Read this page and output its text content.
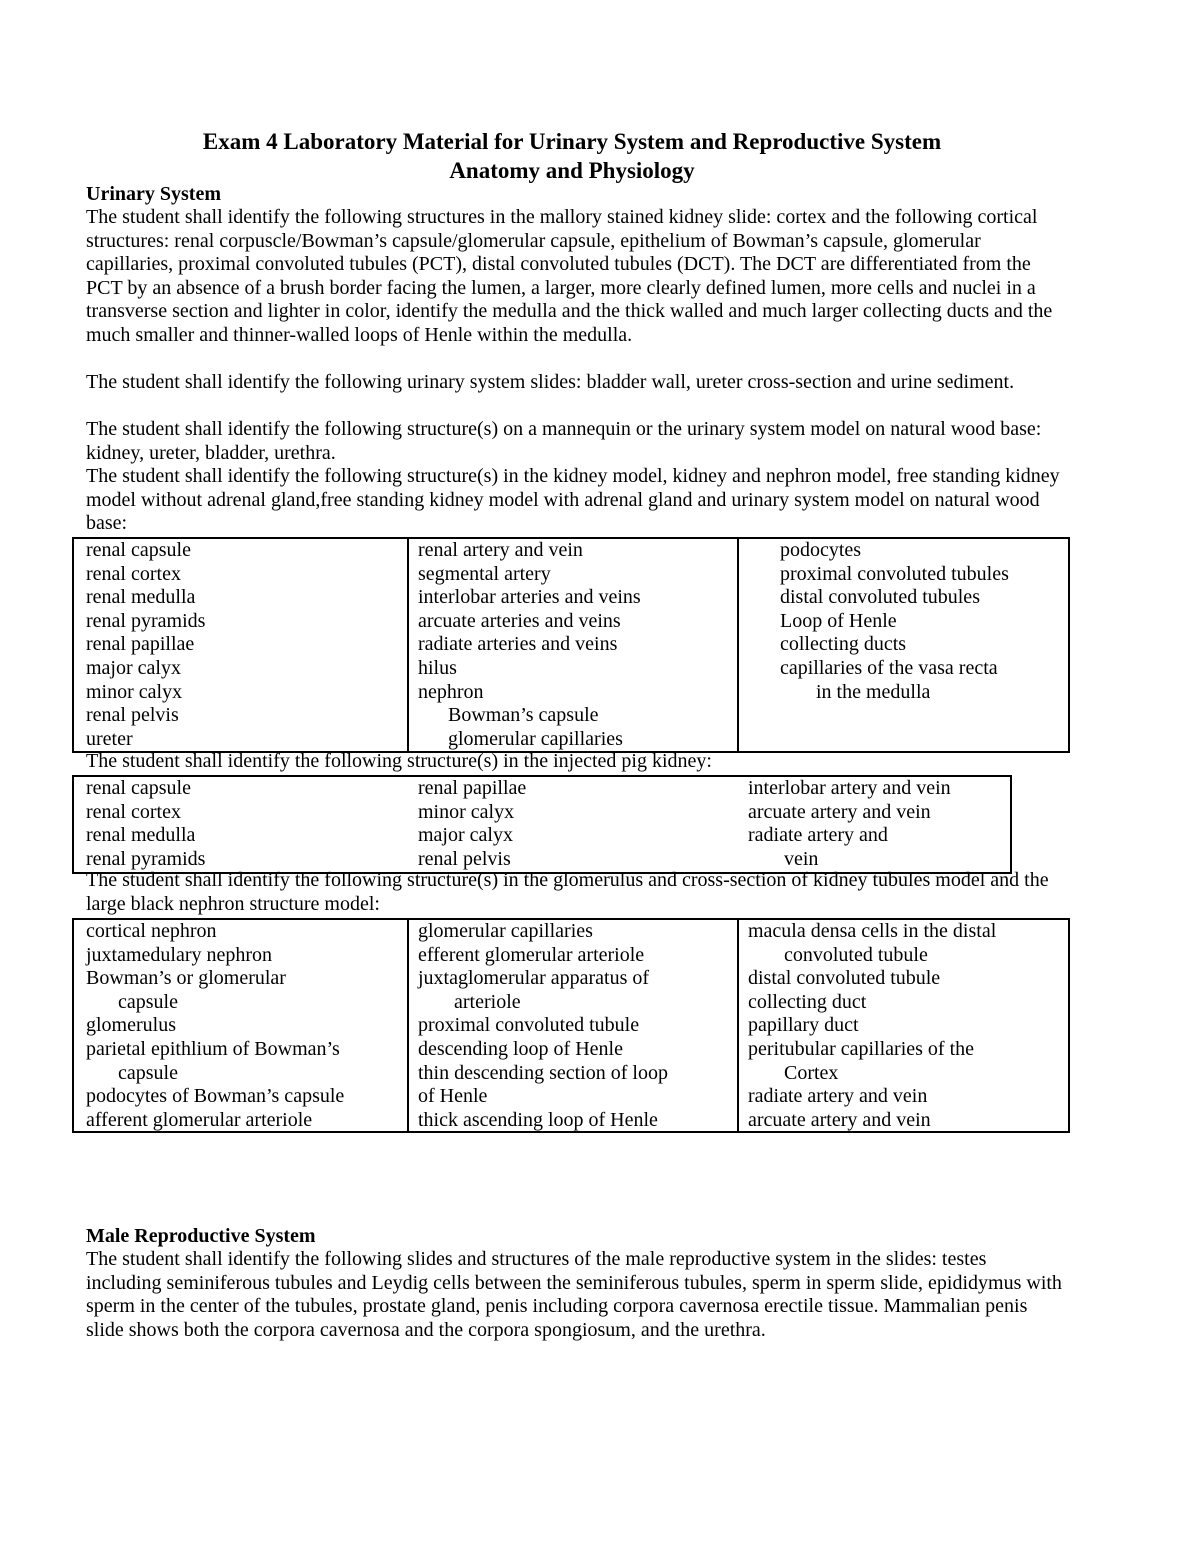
Exam 4 Laboratory Material for Urinary System and Reproductive System
Anatomy and Physiology
Urinary System
The student shall identify the following structures in the mallory stained kidney slide: cortex and the following cortical structures: renal corpuscle/Bowman’s capsule/glomerular capsule, epithelium of Bowman’s capsule, glomerular capillaries, proximal convoluted tubules (PCT), distal convoluted tubules (DCT). The DCT are differentiated from the PCT by an absence of a brush border facing the lumen, a larger, more clearly defined lumen, more cells and nuclei in a transverse section and lighter in color, identify the medulla and the thick walled and much larger collecting ducts and the much smaller and thinner-walled loops of Henle within the medulla.
The student shall identify the following urinary system slides: bladder wall, ureter cross-section and urine sediment.
The student shall identify the following structure(s) on a mannequin or the urinary system model on natural wood base: kidney, ureter, bladder, urethra.
The student shall identify the following structure(s) in the kidney model, kidney and nephron model, free standing kidney model without adrenal gland,free standing kidney model with adrenal gland and urinary system model on natural wood base:
renal capsule
renal cortex
renal medulla
renal pyramids
renal papillae
major calyx
minor calyx
renal pelvis
ureter
renal artery and vein
segmental artery
interlobar arteries and veins
arcuate arteries and veins
radiate arteries and veins
hilus
nephron
Bowman’s capsule
glomerular capillaries
podocytes
proximal convoluted tubules
distal convoluted tubules
Loop of Henle
collecting ducts
capillaries of the vasa recta
in the medulla
The student shall identify the following structure(s) in the injected pig kidney:
renal capsule
renal cortex
renal medulla
renal pyramids
renal papillae
minor calyx
major calyx
renal pelvis
interlobar artery and vein
arcuate artery and vein
radiate artery and
vein
The student shall identify the following structure(s) in the glomerulus and cross-section of kidney tubules model and the large black nephron structure model:
cortical nephron
juxtamedulary nephron
Bowman’s or glomerular
capsule
glomerulus
parietal epithlium of Bowman’s
capsule
podocytes of Bowman’s capsule
afferent glomerular arteriole
glomerular capillaries
efferent glomerular arteriole
juxtaglomerular apparatus of
arteriole
proximal convoluted tubule
descending loop of Henle
thin descending section of loop
of Henle
thick ascending loop of Henle
macula densa cells in the distal
convoluted tubule
distal convoluted tubule
collecting duct
papillary duct
peritubular capillaries of the
Cortex
radiate artery and vein
arcuate artery and vein
Male Reproductive System
The student shall identify the following slides and structures of the male reproductive system in the slides: testes including seminiferous tubules and Leydig cells between the seminiferous tubules, sperm in sperm slide, epididymus with sperm in the center of the tubules, prostate gland, penis including corpora cavernosa erectile tissue. Mammalian penis slide shows both the corpora cavernosa and the corpora spongiosum, and the urethra.
